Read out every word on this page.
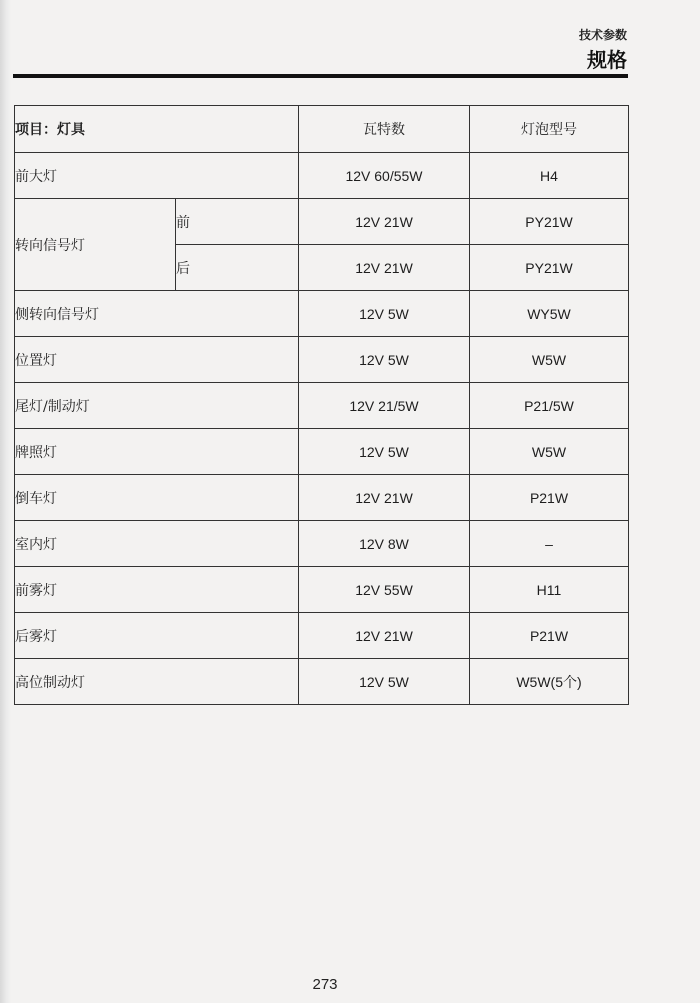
技术参数
规格
项目：灯具		瓦特数	灯泡型号
前大灯		12V 60/55W	H4
转向信号灯	前	12V 21W	PY21W
	后	12V 21W	PY21W
侧转向信号灯		12V 5W	WY5W
位置灯		12V 5W	W5W
尾灯/制动灯		12V 21/5W	P21/5W
牌照灯		12V 5W	W5W
倒车灯		12V 21W	P21W
室内灯		12V 8W	–
前雾灯		12V 55W	H11
后雾灯		12V 21W	P21W
高位制动灯		12V 5W	W5W(5个)
273
